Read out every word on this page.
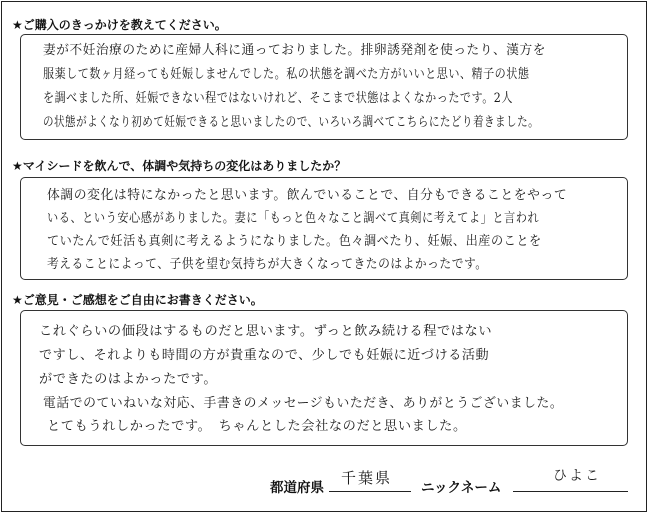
★ご購入のきっかけを教えてください。
妻が不妊治療のために産婦人科に通っておりました。排卵誘発剤を使ったり、漢方を
服薬して数ヶ月経っても妊娠しませんでした。私の状態を調べた方がいいと思い、精子の状態
を調べました所、妊娠できない程ではないけれど、そこまで状態はよくなかったです。2人
の状態がよくなり初めて妊娠できると思いましたので、いろいろ調べてこちらにたどり着きました。
★マイシードを飲んで、体調や気持ちの変化はありましたか？
体調の変化は特になかったと思います。飲んでいることで、自分もできることをやって
いる、という安心感がありました。妻に「もっと色々なこと調べて真剣に考えてよ」と言われ
ていたんで妊活も真剣に考えるようになりました。色々調べたり、妊娠、出産のことを
考えることによって、子供を望む気持ちが大きくなってきたのはよかったです。
★ご意見・ご感想をご自由にお書きください。
これぐらいの価段はするものだと思います。ずっと飲み続ける程ではない
ですし、それよりも時間の方が貴重なので、少しでも妊娠に近づける活動
ができたのはよかったです。
電話でのていねいな対応、手書きのメッセージもいただき、ありがとうございました。
とてもうれしかったです。　ちゃんとした会社なのだと思いました。
都道府県
千葉県
ニックネーム
ひよこ
